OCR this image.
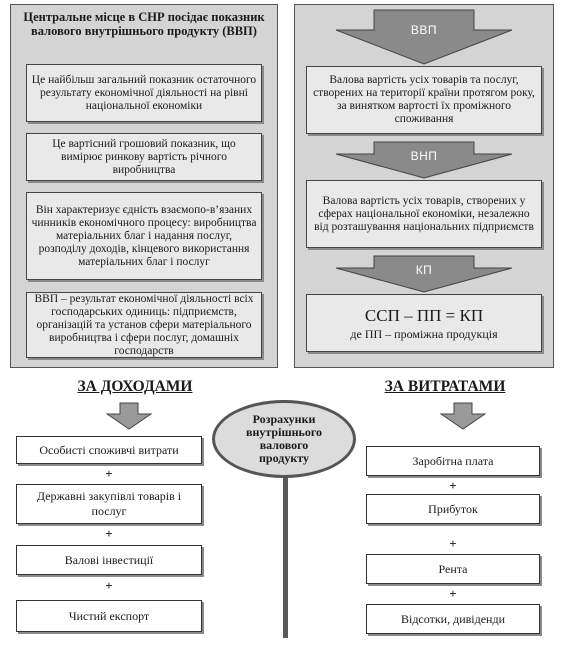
Центральне місце в СНР посідає показник валового внутрішнього продукту (ВВП)
Це найбільш загальний показник остаточного результату економічної діяльності на рівні національної економіки
Це вартісний грошовий показник, що вимірює ринкову вартість річного виробництва
Він характеризує єдність взаємопо-в’язаних чинників економічного процесу: виробництва матеріальних благ і надання послуг, розподілу доходів, кінцевого використання матеріальних благ і послуг
ВВП – результат економічної діяльності всіх господарських одиниць: підприємств, організацій та установ сфери матеріального виробництва і сфери послуг, домашніх господарств
ВВП
Валова вартість усіх товарів та послуг, створених на території країни протягом року, за винятком вартості їх проміжного споживання
ВНП
Валова вартість усіх товарів, створених у сферах національної економіки, незалежно від розташування національних підприємств
КП
ССП – ПП = КП
де ПП – проміжна продукція
ЗА ДОХОДАМИ	ЗА ВИТРАТАМИ
Розрахунки внутрішнього валового продукту
Особисті споживчі витрати
+
Державні закупівлі товарів і послуг
+
Валові інвестиції
+
Чистий експорт
Заробітна плата
+
Прибуток
+
Рента
+
Відсотки, дивіденди
